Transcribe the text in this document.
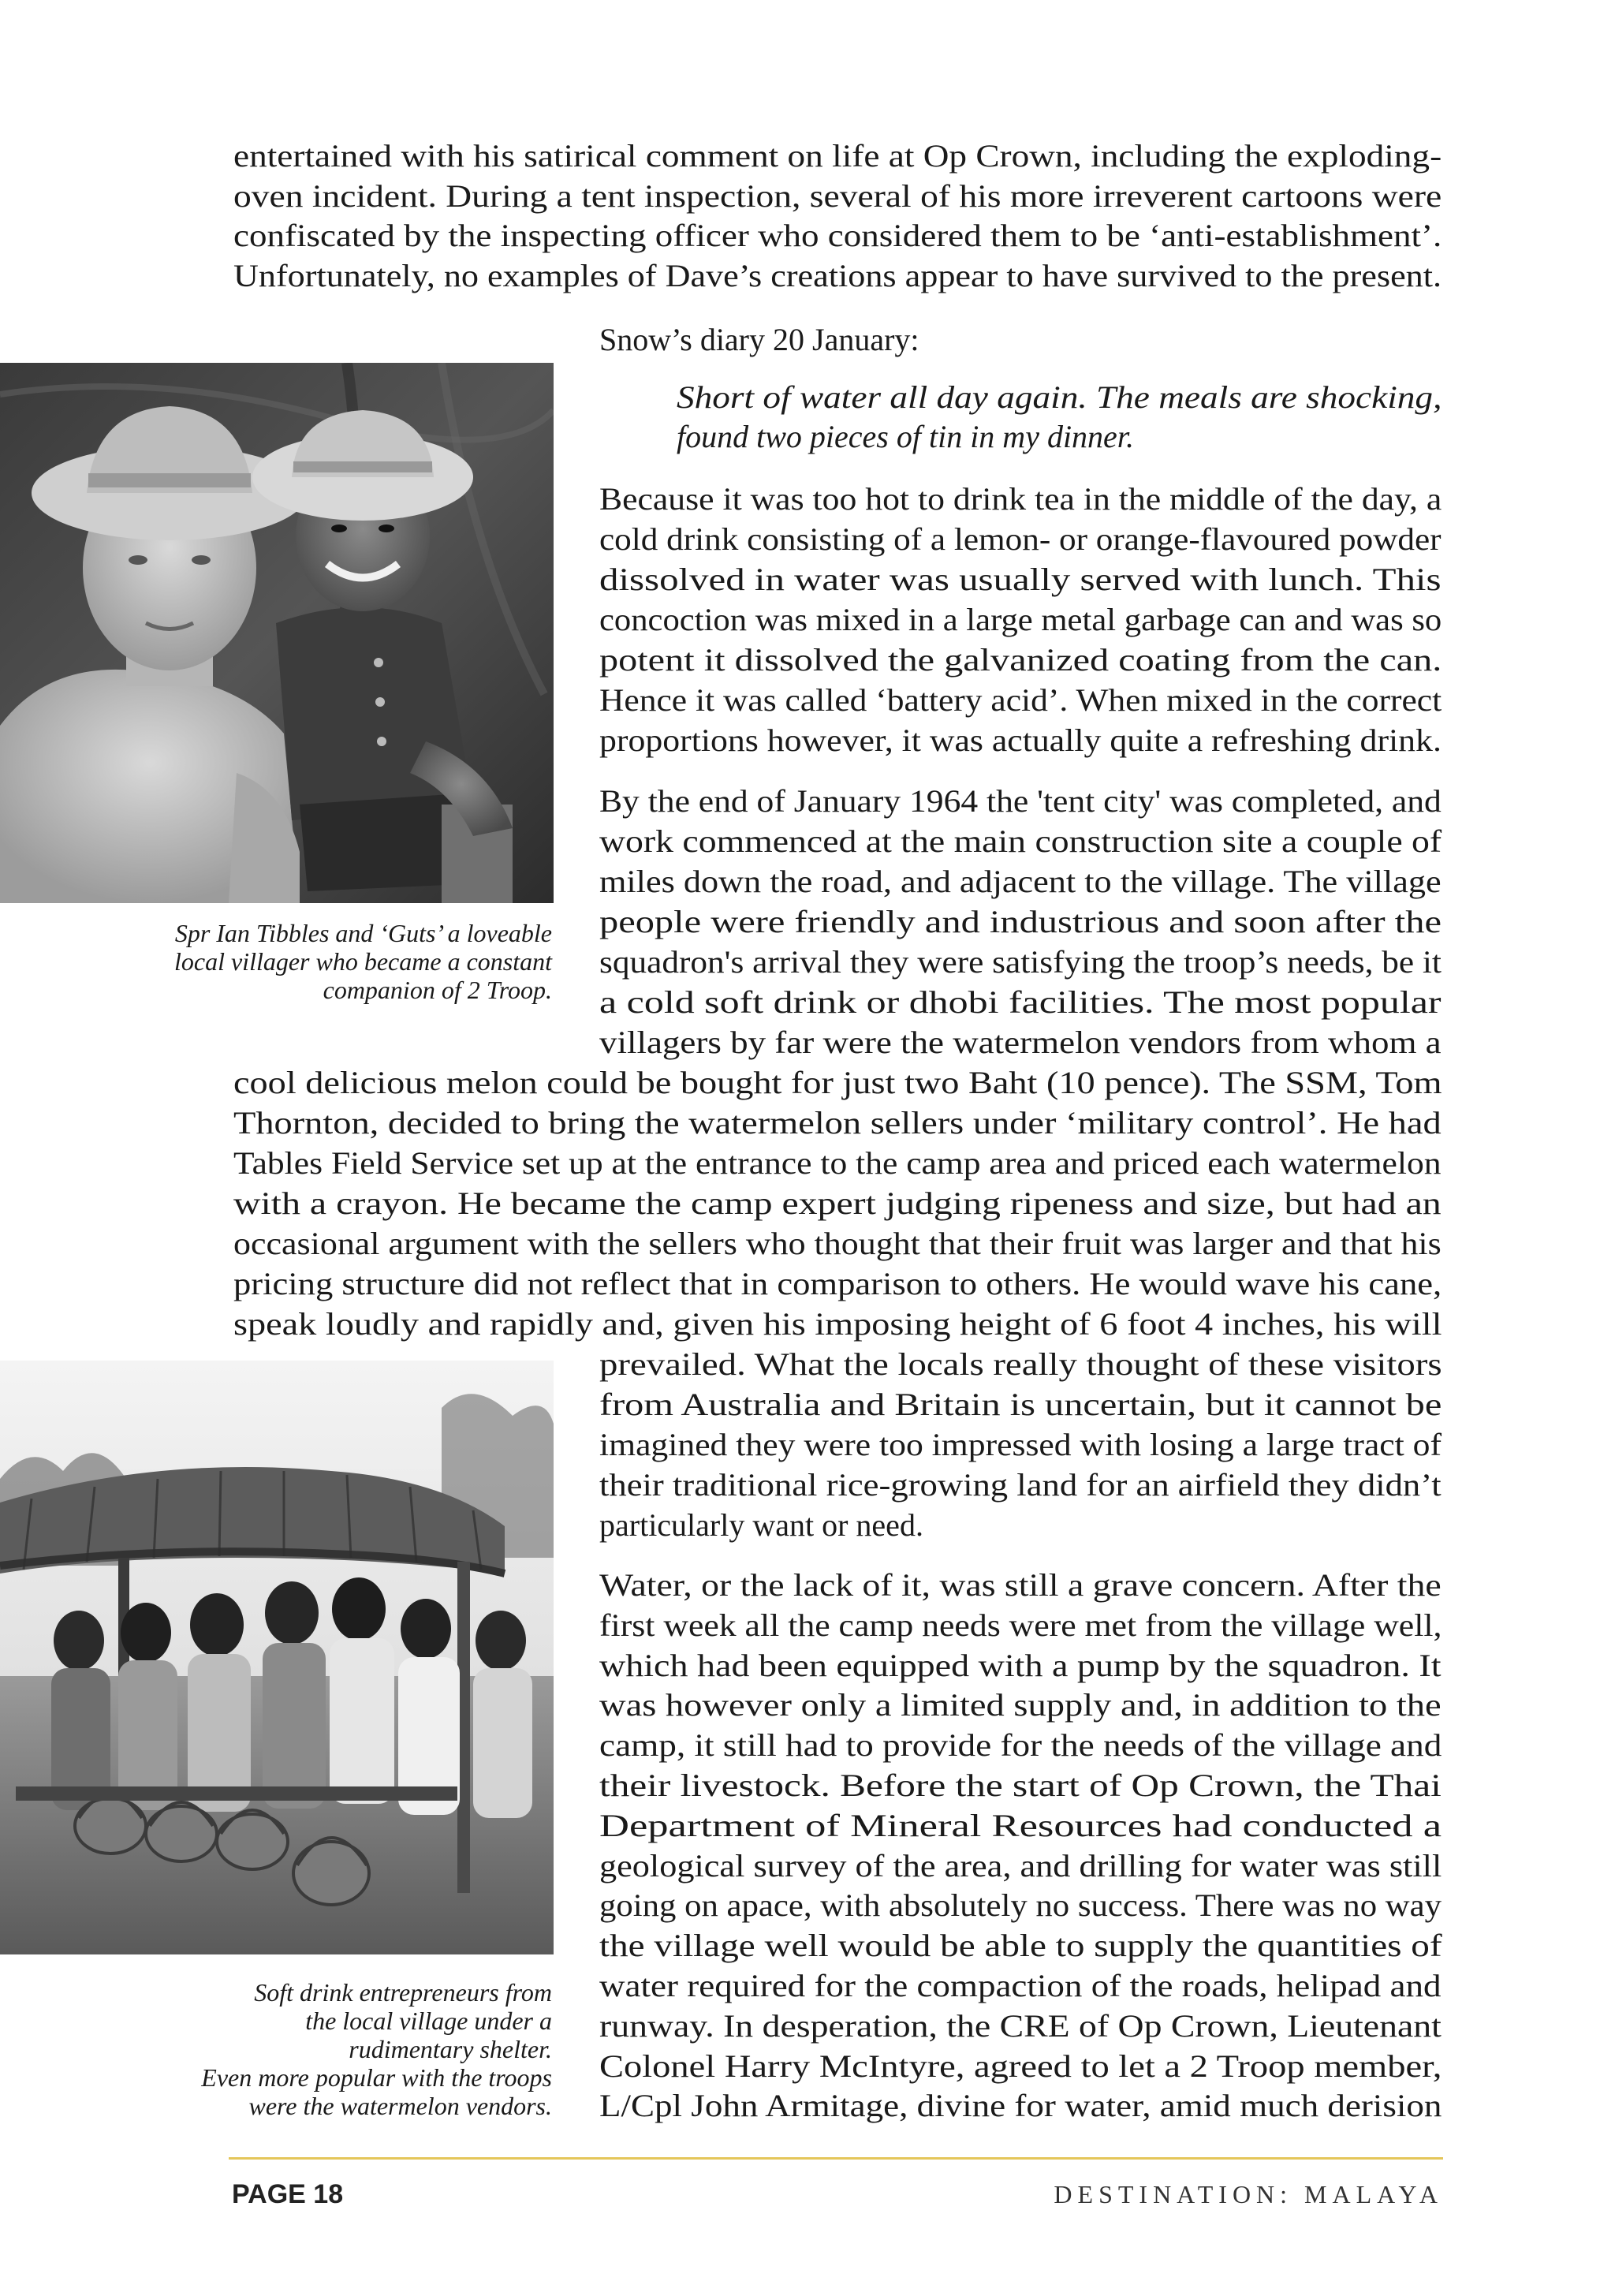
Spr Ian Tibbles and ‘Guts’ a loveable
local villager who became a constant
companion of 2 Troop.
Soft drink entrepreneurs from
the local village under a
rudimentary shelter.
Even more popular with the troops
were the watermelon vendors.
entertained with his satirical comment on life at Op Crown, including the exploding-
oven incident. During a tent inspection, several of his more irreverent cartoons were
confiscated by the inspecting officer who considered them to be ‘anti-establishment’.
Unfortunately, no examples of Dave’s creations appear to have survived to the present.
Snow’s diary 20 January:
Short of water all day again. The meals are shocking,
found two pieces of tin in my dinner.
Because it was too hot to drink tea in the middle of the day, a
cold drink consisting of a lemon- or orange-flavoured powder
dissolved in water was usually served with lunch. This
concoction was mixed in a large metal garbage can and was so
potent it dissolved the galvanized coating from the can.
Hence it was called ‘battery acid’. When mixed in the correct
proportions however, it was actually quite a refreshing drink.
By the end of January 1964 the 'tent city' was completed, and
work commenced at the main construction site a couple of
miles down the road, and adjacent to the village. The village
people were friendly and industrious and soon after the
squadron's arrival they were satisfying the troop’s needs, be it
a cold soft drink or dhobi facilities. The most popular
villagers by far were the watermelon vendors from whom a
cool delicious melon could be bought for just two Baht (10 pence). The SSM, Tom
Thornton, decided to bring the watermelon sellers under ‘military control’. He had
Tables Field Service set up at the entrance to the camp area and priced each watermelon
with a crayon. He became the camp expert judging ripeness and size, but had an
occasional argument with the sellers who thought that their fruit was larger and that his
pricing structure did not reflect that in comparison to others. He would wave his cane,
speak loudly and rapidly and, given his imposing height of 6 foot 4 inches, his will
prevailed. What the locals really thought of these visitors
from Australia and Britain is uncertain, but it cannot be
imagined they were too impressed with losing a large tract of
their traditional rice-growing land for an airfield they didn’t
particularly want or need.
Water, or the lack of it, was still a grave concern. After the
first week all the camp needs were met from the village well,
which had been equipped with a pump by the squadron. It
was however only a limited supply and, in addition to the
camp, it still had to provide for the needs of the village and
their livestock. Before the start of Op Crown, the Thai
Department of Mineral Resources had conducted a
geological survey of the area, and drilling for water was still
going on apace, with absolutely no success. There was no way
the village well would be able to supply the quantities of
water required for the compaction of the roads, helipad and
runway. In desperation, the CRE of Op Crown, Lieutenant
Colonel Harry McIntyre, agreed to let a 2 Troop member,
L/Cpl John Armitage, divine for water, amid much derision
PAGE 18	DESTINATION: MALAYA
